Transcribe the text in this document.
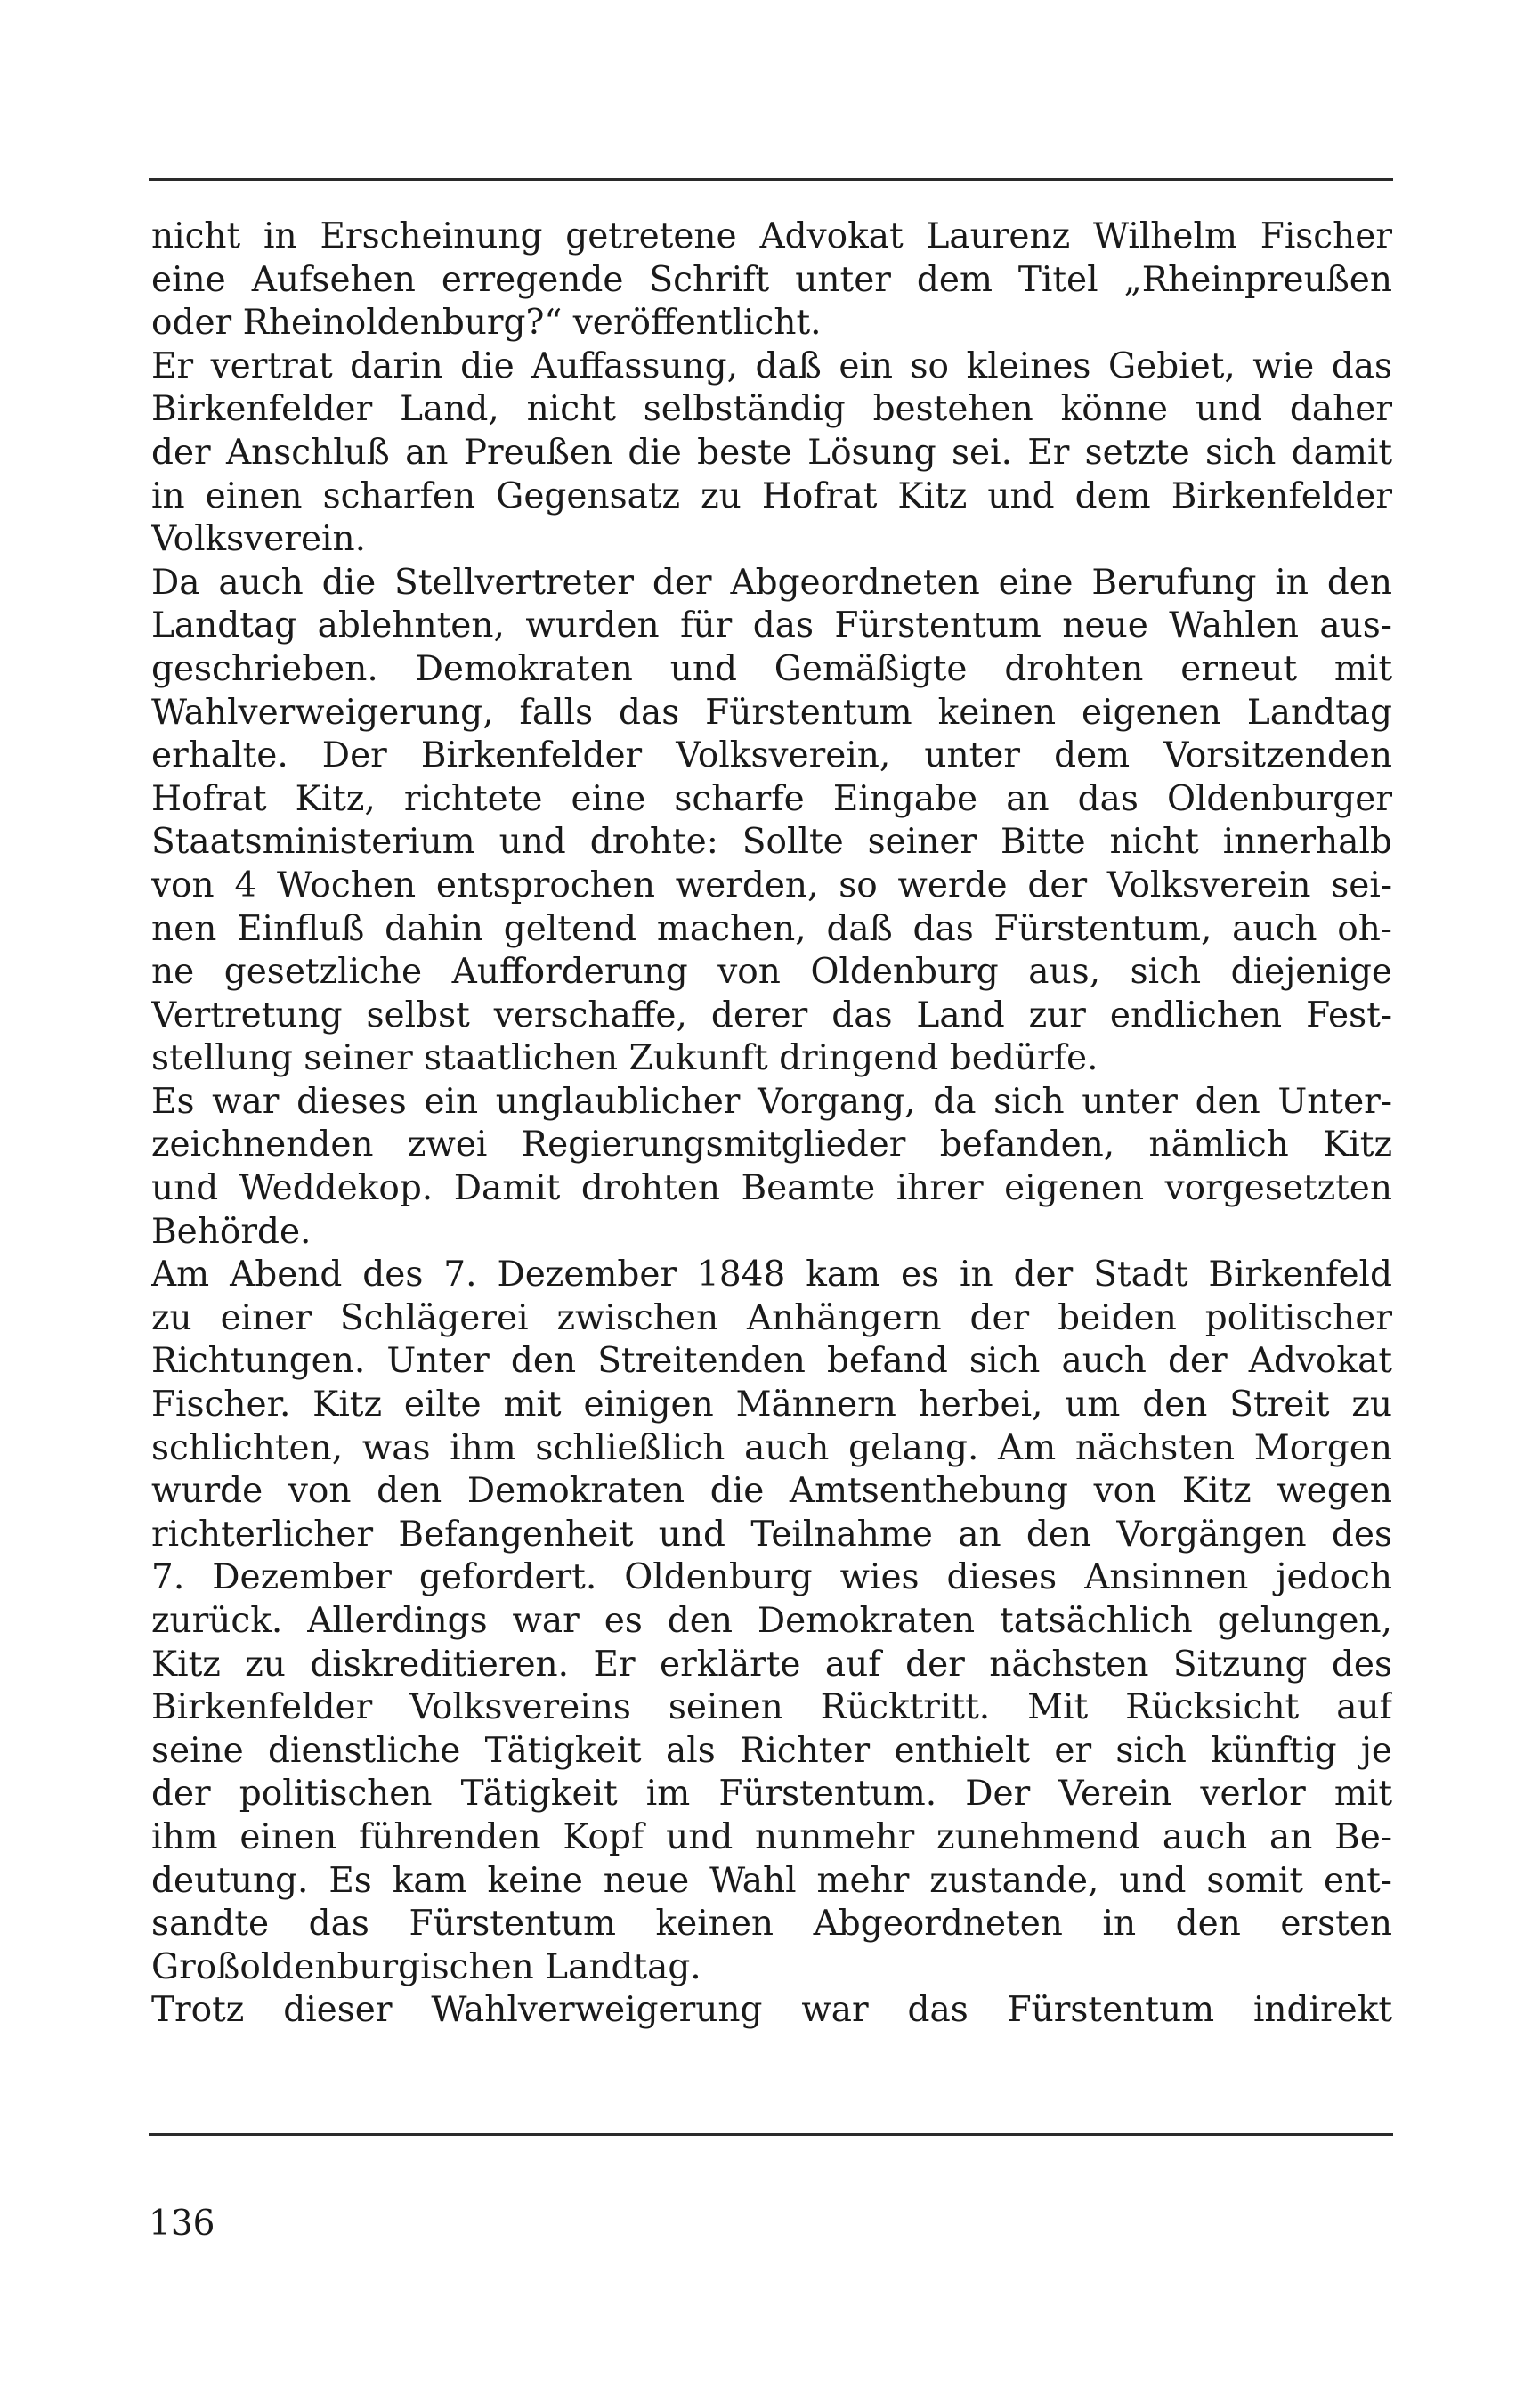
nicht in Erscheinung getretene Advokat Laurenz Wilhelm Fischer
eine Aufsehen erregende Schrift unter dem Titel „Rheinpreußen
oder Rheinoldenburg?“ veröffentlicht.
Er vertrat darin die Auffassung, daß ein so kleines Gebiet, wie das
Birkenfelder Land, nicht selbständig bestehen könne und daher
der Anschluß an Preußen die beste Lösung sei. Er setzte sich damit
in einen scharfen Gegensatz zu Hofrat Kitz und dem Birkenfelder
Volksverein.
Da auch die Stellvertreter der Abgeordneten eine Berufung in den
Landtag ablehnten, wurden für das Fürstentum neue Wahlen aus-
geschrieben. Demokraten und Gemäßigte drohten erneut mit
Wahlverweigerung, falls das Fürstentum keinen eigenen Landtag
erhalte. Der Birkenfelder Volksverein, unter dem Vorsitzenden
Hofrat Kitz, richtete eine scharfe Eingabe an das Oldenburger
Staatsministerium und drohte: Sollte seiner Bitte nicht innerhalb
von 4 Wochen entsprochen werden, so werde der Volksverein sei-
nen Einfluß dahin geltend machen, daß das Fürstentum, auch oh-
ne gesetzliche Aufforderung von Oldenburg aus, sich diejenige
Vertretung selbst verschaffe, derer das Land zur endlichen Fest-
stellung seiner staatlichen Zukunft dringend bedürfe.
Es war dieses ein unglaublicher Vorgang, da sich unter den Unter-
zeichnenden zwei Regierungsmitglieder befanden, nämlich Kitz
und Weddekop. Damit drohten Beamte ihrer eigenen vorgesetzten
Behörde.
Am Abend des 7. Dezember 1848 kam es in der Stadt Birkenfeld
zu einer Schlägerei zwischen Anhängern der beiden politischer
Richtungen. Unter den Streitenden befand sich auch der Advokat
Fischer. Kitz eilte mit einigen Männern herbei, um den Streit zu
schlichten, was ihm schließlich auch gelang. Am nächsten Morgen
wurde von den Demokraten die Amtsenthebung von Kitz wegen
richterlicher Befangenheit und Teilnahme an den Vorgängen des
7. Dezember gefordert. Oldenburg wies dieses Ansinnen jedoch
zurück. Allerdings war es den Demokraten tatsächlich gelungen,
Kitz zu diskreditieren. Er erklärte auf der nächsten Sitzung des
Birkenfelder Volksvereins seinen Rücktritt. Mit Rücksicht auf
seine dienstliche Tätigkeit als Richter enthielt er sich künftig je
der politischen Tätigkeit im Fürstentum. Der Verein verlor mit
ihm einen führenden Kopf und nunmehr zunehmend auch an Be-
deutung. Es kam keine neue Wahl mehr zustande, und somit ent-
sandte das Fürstentum keinen Abgeordneten in den ersten
Großoldenburgischen Landtag.
Trotz dieser Wahlverweigerung war das Fürstentum indirekt
136
